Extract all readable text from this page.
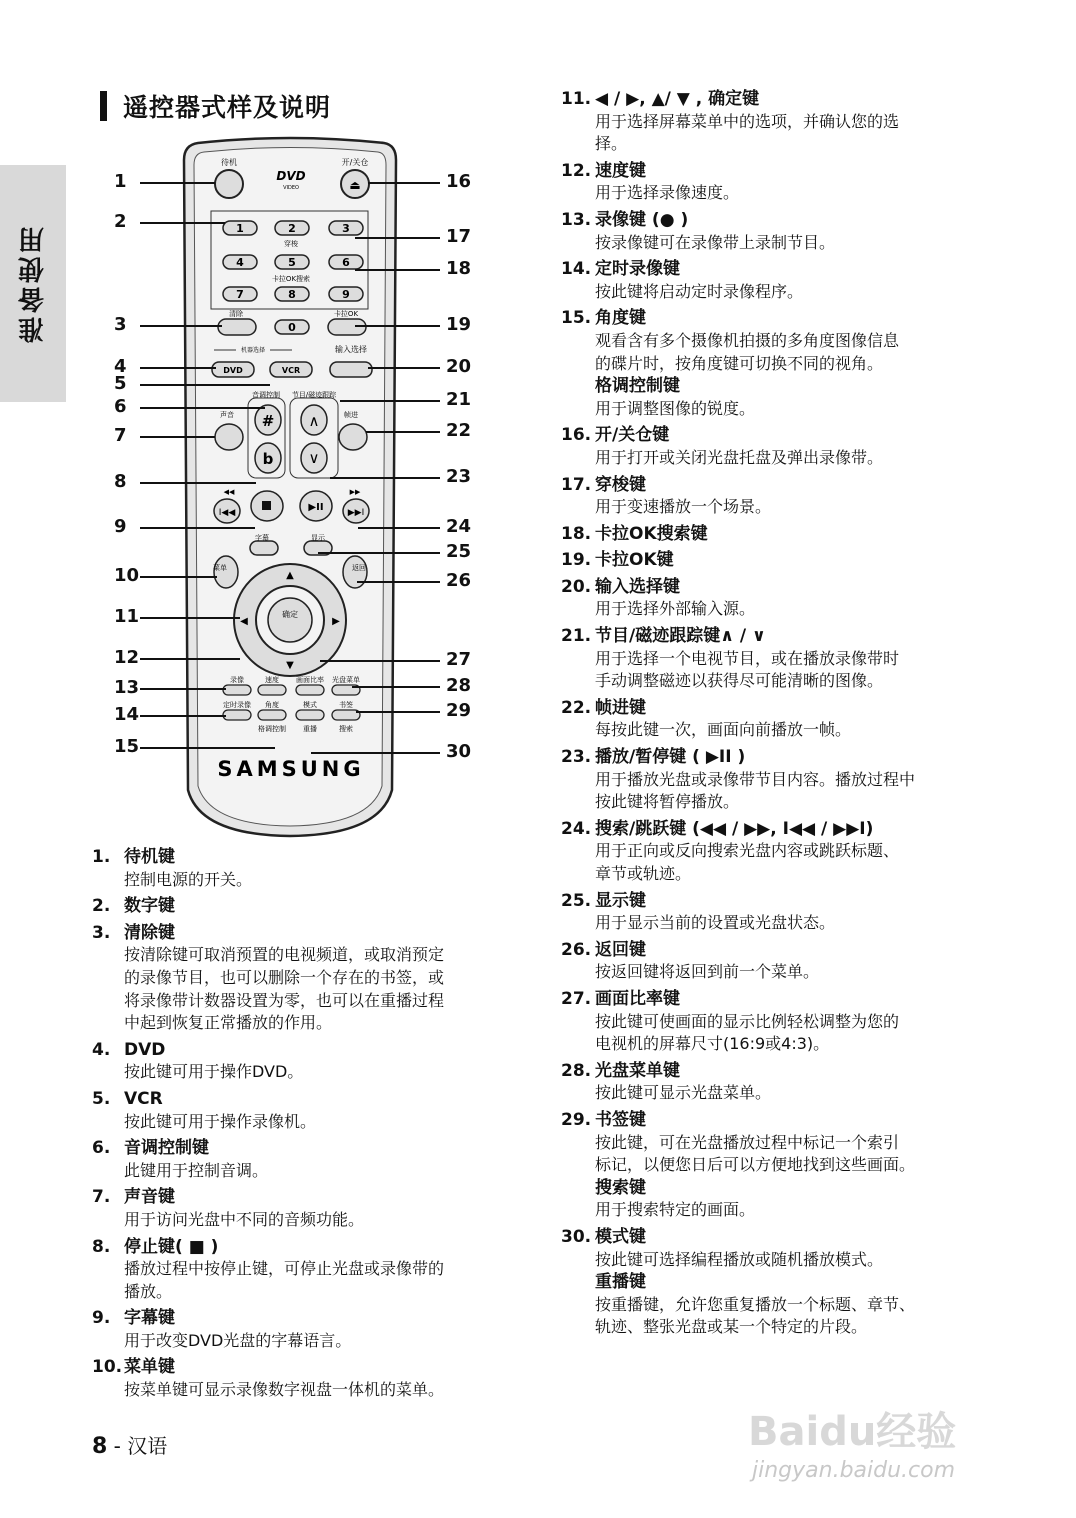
准备使用
遥控器式样及说明
待机
DVD
VIDEO
开/关仓
⏏
1	2	3
4	5	6
7	8	9
0
穿梭
卡拉OK搜索
清除	卡拉OK
机器选择	输入选择
DVD	VCR
音调控制 节目/磁迹跟踪
#
b
∧
∨
声音	帧进
▶II
I◀◀	▶▶I
◀◀	▶▶
字幕	显示
菜单	返回
确定
▲
▼
◀	▶
录像	速度 画面比率 光盘菜单
定时录像 角度	模式	书签
格调控制 重播	搜索
SAMSUNG
1
2
3
4
5
6
7
8
9
10
11
12
13
14
15
16
17
18
19
20
21
22
23
24
25
26
27
28
29
30
1. 待机键
控制电源的开关。
2. 数字键
3. 清除键
按清除键可取消预置的电视频道，或取消预定
的录像节目，也可以删除一个存在的书签，或
将录像带计数器设置为零，也可以在重播过程
中起到恢复正常播放的作用。
4. DVD
按此键可用于操作DVD。
5. VCR
按此键可用于操作录像机。
6. 音调控制键
此键用于控制音调。
7. 声音键
用于访问光盘中不同的音频功能。
8. 停止键( ■ )
播放过程中按停止键，可停止光盘或录像带的
播放。
9. 字幕键
用于改变DVD光盘的字幕语言。
10. 菜单键
按菜单键可显示录像数字视盘一体机的菜单。
11. ◀ / ▶, ▲/ ▼ , 确定键
用于选择屏幕菜单中的选项，并确认您的选
择。
12. 速度键
用于选择录像速度。
13. 录像键 (● )
按录像键可在录像带上录制节目。
14. 定时录像键
按此键将启动定时录像程序。
15. 角度键
观看含有多个摄像机拍摄的多角度图像信息
的碟片时，按角度键可切换不同的视角。
格调控制键
用于调整图像的锐度。
16. 开/关仓键
用于打开或关闭光盘托盘及弹出录像带。
17. 穿梭键
用于变速播放一个场景。
18. 卡拉OK搜索键
19. 卡拉OK键
20. 输入选择键
用于选择外部输入源。
21. 节目/磁迹跟踪键∧ / ∨
用于选择一个电视节目，或在播放录像带时
手动调整磁迹以获得尽可能清晰的图像。
22. 帧进键
每按此键一次，画面向前播放一帧。
23. 播放/暂停键 ( ▶II )
用于播放光盘或录像带节目内容。播放过程中
按此键将暂停播放。
24. 搜索/跳跃键 (◀◀ / ▶▶, I◀◀ / ▶▶I)
用于正向或反向搜索光盘内容或跳跃标题、
章节或轨迹。
25. 显示键
用于显示当前的设置或光盘状态。
26. 返回键
按返回键将返回到前一个菜单。
27. 画面比率键
按此键可使画面的显示比例轻松调整为您的
电视机的屏幕尺寸(16:9或4:3)。
28. 光盘菜单键
按此键可显示光盘菜单。
29. 书签键
按此键，可在光盘播放过程中标记一个索引
标记，以便您日后可以方便地找到这些画面。
搜索键
用于搜索特定的画面。
30. 模式键
按此键可选择编程播放或随机播放模式。
重播键
按重播键，允许您重复播放一个标题、章节、
轨迹、整张光盘或某一个特定的片段。
8 - 汉语	Baidu经验
jingyan.baidu.com
